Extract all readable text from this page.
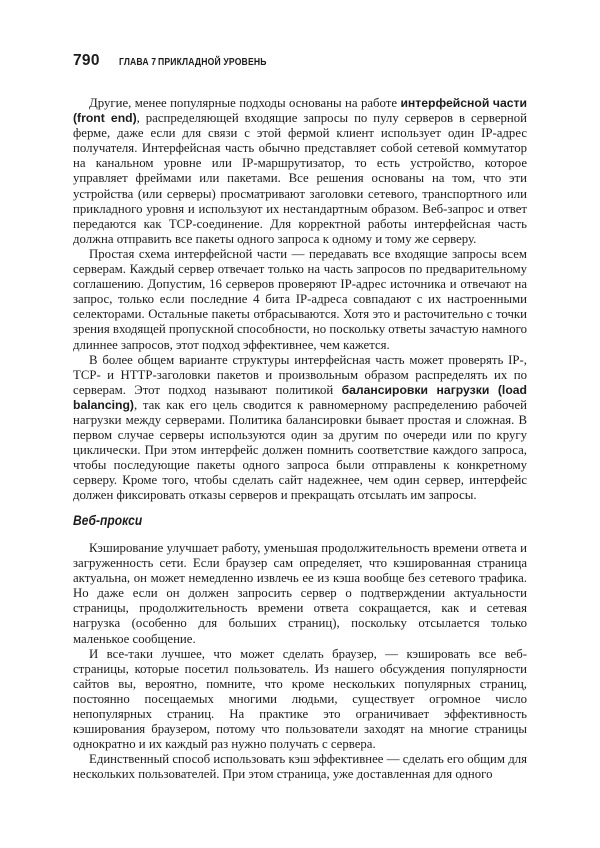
790 ГЛАВА 7 ПРИКЛАДНОЙ УРОВЕНЬ

Другие, менее популярные подходы основаны на работе интерфейсной части (front end), распределяющей входящие запросы по пулу серверов в серверной ферме, даже если для связи с этой фермой клиент использует один IP-адрес получателя. Интерфейсная часть обычно представляет собой сетевой коммутатор на канальном уровне или IP-маршрутизатор, то есть устройство, которое управляет фреймами или пакетами. Все решения основаны на том, что эти устройства (или серверы) просматривают заголовки сетевого, транспортного или прикладного уровня и используют их нестандартным образом. Веб-запрос и ответ передаются как TCP-соединение. Для корректной работы интерфейсная часть должна отправить все пакеты одного запроса к одному и тому же серверу.

Простая схема интерфейсной части — передавать все входящие запросы всем серверам. Каждый сервер отвечает только на часть запросов по предварительному соглашению. Допустим, 16 серверов проверяют IP-адрес источника и отвечают на запрос, только если последние 4 бита IP-адреса совпадают с их настроенными селекторами. Остальные пакеты отбрасываются. Хотя это и расточительно с точки зрения входящей пропускной способности, но поскольку ответы зачастую намного длиннее запросов, этот подход эффективнее, чем кажется.

В более общем варианте структуры интерфейсная часть может проверять IP-, TCP- и HTTP-заголовки пакетов и произвольным образом распределять их по серверам. Этот подход называют политикой балансировки нагрузки (load balancing), так как его цель сводится к равномерному распределению рабочей нагрузки между серверами. Политика балансировки бывает простая и сложная. В первом случае серверы используются один за другим по очереди или по кругу циклически. При этом интерфейс должен помнить соответствие каждого запроса, чтобы последующие пакеты одного запроса были отправлены к конкретному серверу. Кроме того, чтобы сделать сайт надежнее, чем один сервер, интерфейс должен фиксировать отказы серверов и прекращать отсылать им запросы.

Веб-прокси

Кэширование улучшает работу, уменьшая продолжительность времени ответа и загруженность сети. Если браузер сам определяет, что кэшированная страница актуальна, он может немедленно извлечь ее из кэша вообще без сетевого трафика. Но даже если он должен запросить сервер о подтверждении актуальности страницы, продолжительность времени ответа сокращается, как и сетевая нагрузка (особенно для больших страниц), поскольку отсылается только маленькое сообщение.

И все-таки лучшее, что может сделать браузер, — кэшировать все веб-страницы, которые посетил пользователь. Из нашего обсуждения популярности сайтов вы, вероятно, помните, что кроме нескольких популярных страниц, постоянно посещаемых многими людьми, существует огромное число непопулярных страниц. На практике это ограничивает эффективность кэширования браузером, потому что пользователи заходят на многие страницы однократно и их каждый раз нужно получать с сервера.

Единственный способ использовать кэш эффективнее — сделать его общим для нескольких пользователей. При этом страница, уже доставленная для одного
